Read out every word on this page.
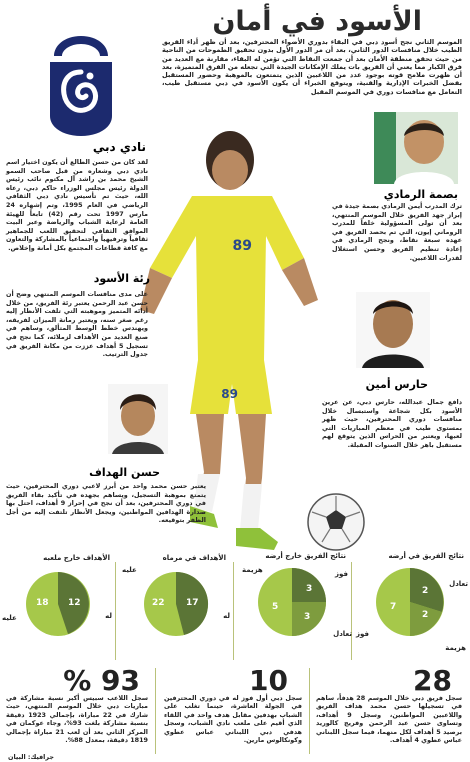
الأسود في أمان
الموسم الثاني نجح أسود دبي في البقاء بدوري الأضواء المحترفين، بعد أن ظهر أداء الفريق الطيب خلال منافسات الدور الثاني، بعد أن مر الدور الأول بدون تحقيق الطموحات من الناحية من حيث تحقق منطقة الأمان بعد أن جمعت النقاط التي تؤمن له البقاء، مقارنة مع العديد من فرق الكبار مما يعني أن الفريق بات يملك الإمكانات الجيدة التي تجعله من الفرق المتميزة، بعد أن ظهرت ملامح قوته بوجود عدد من اللاعبين الذين يتمتعون بالموهبة وحضور المستقبل بفضل الخبرات الإدارية والفنية، ويتوقع الخبراء أن يكون الأسود في دبي مستقبل طيب، التعامل مع منافسات دوري في الموسم المقبل
89
89
نادي دبي
لقد كان من حسن الطالع أن يكون اختيار اسم نادي دبي وشعاره من قبل صاحب السمو الشيخ محمد بن راشد آل مكتوم نائب رئيس الدولة رئيس مجلس الوزراء حاكم دبي، رعاه الله، حيث تم تأسيس نادي دبي الثقافي الرياضي في العام 1995، وتم إشهاره 24 مارس 1997 تحت رقم (42) تابعاً للهيئة العامة لرعاية الشباب والرياضة وعبر البيت الموافق الثقافي لتحقيق اللعب للجماهير ثقافياً وترفيهياً واجتماعياً بالمشاركة والتعاون مع كافة قطاعات المجتمع بكل أمانة وإخلاص.
بصمة الرمادي
ترك المدرب أيمن الرمادي بصمة جيدة في إبراز جهد الفريق خلال الموسم المنتهي، بعد أن تولى المسؤولية خلفاً للمدرب الروماني إيون، التي تم بحصد الفريق في عهده سبعة نقاط، ونجح الرمادي في إعادة تنظيم الفريق وحسن استغلال لقدرات اللاعبين.
رئة الأسود
على مدى منافسات الموسم المنتهي وضح أن حسن عبد الرحمن يعتبر رئة الفريق، من خلال أدائه المتميز وموهبته التي تلفت الأنظار إليه رغم صغر سنه، ويعتبر رمانة الميزان لفريقه، ويهندس خطط الوسط المتألق، وساهم في صنع العديد من الأهداف لزملائه، كما نجح في تسجيل 5 أهداف عززت من مكانة الفريق في جدول الترتيب.
حارس أمين
دافع جمال عبدالله، حارس دبي، عن عرين الأسود بكل شجاعة واستبسال خلال منافسات دوري المحترفين، حيث ظهر بمستوى طيب في معظم المباريات التي لعبها، ويعتبر من الحراس الذين يتوقع لهم مستقبل باهر خلال السنوات المقبلة.
حسن الهداف
يعتبر حسن محمد واحد من أبرز لاعبي دوري المحترفين، حيث يتمتع بموهبة التسجيل، ويساهم بجهده في تأكيد بقاء الفريق في دوري المحترفين، بعد أن نجح في إحراز 9 أهداف، احتل بها صدارة الهدافين المواطنين، ويجعل الأنظار تلتفت إليه من أجل الظفر بتوقيعه.
نتائج الفريق في أرضه
تعادل
فوز
هزيمة
2
2
7
نتائج الفريق خارج أرضه
فوز
تعادل
هزيمة
3
3
5
الأهداف في مرماه
عليه
له
17
22
الأهداف خارج ملعبه
عليه	له
12
18
28
سجل فريق دبي خلال الموسم 28 هدفاً، ساهم في تسجيلها حسن محمد هداف الفريق واللاعبين المواطنين، وسجل 9 أهداف، وتساوى حسن عبد الرحمن وفريج كالوريد برصيد 5 أهداف لكل منهما، فيما سجل اللبناني عباس عطوي 4 أهداف.
10
سجل دبي أول فوز له في دوري المحترفين في الجولة العاشرة، حينما تغلب على الشباب بهدفين مقابل هدف واحد في اللقاء الذي أقيم على ملعب نادي الشباب، وسجل هدفي دبي اللبناني عباس عطوي وكونكالوس مارين.
% 93
سجل اللاعب سبيس أكبر نسبة مشاركة في مباريات دبي خلال الموسم المنتهي، حيث شارك في 22 مباراة، بإجمالي 1923 دقيقة بنسبة مشاركة بلغت 93%، وجاء عوكمان في المركز الثاني بعد أن لعب 21 مباراة بإجمالي 1819 دقيقة، بمعدل 88%.
جرافيك: البيان
